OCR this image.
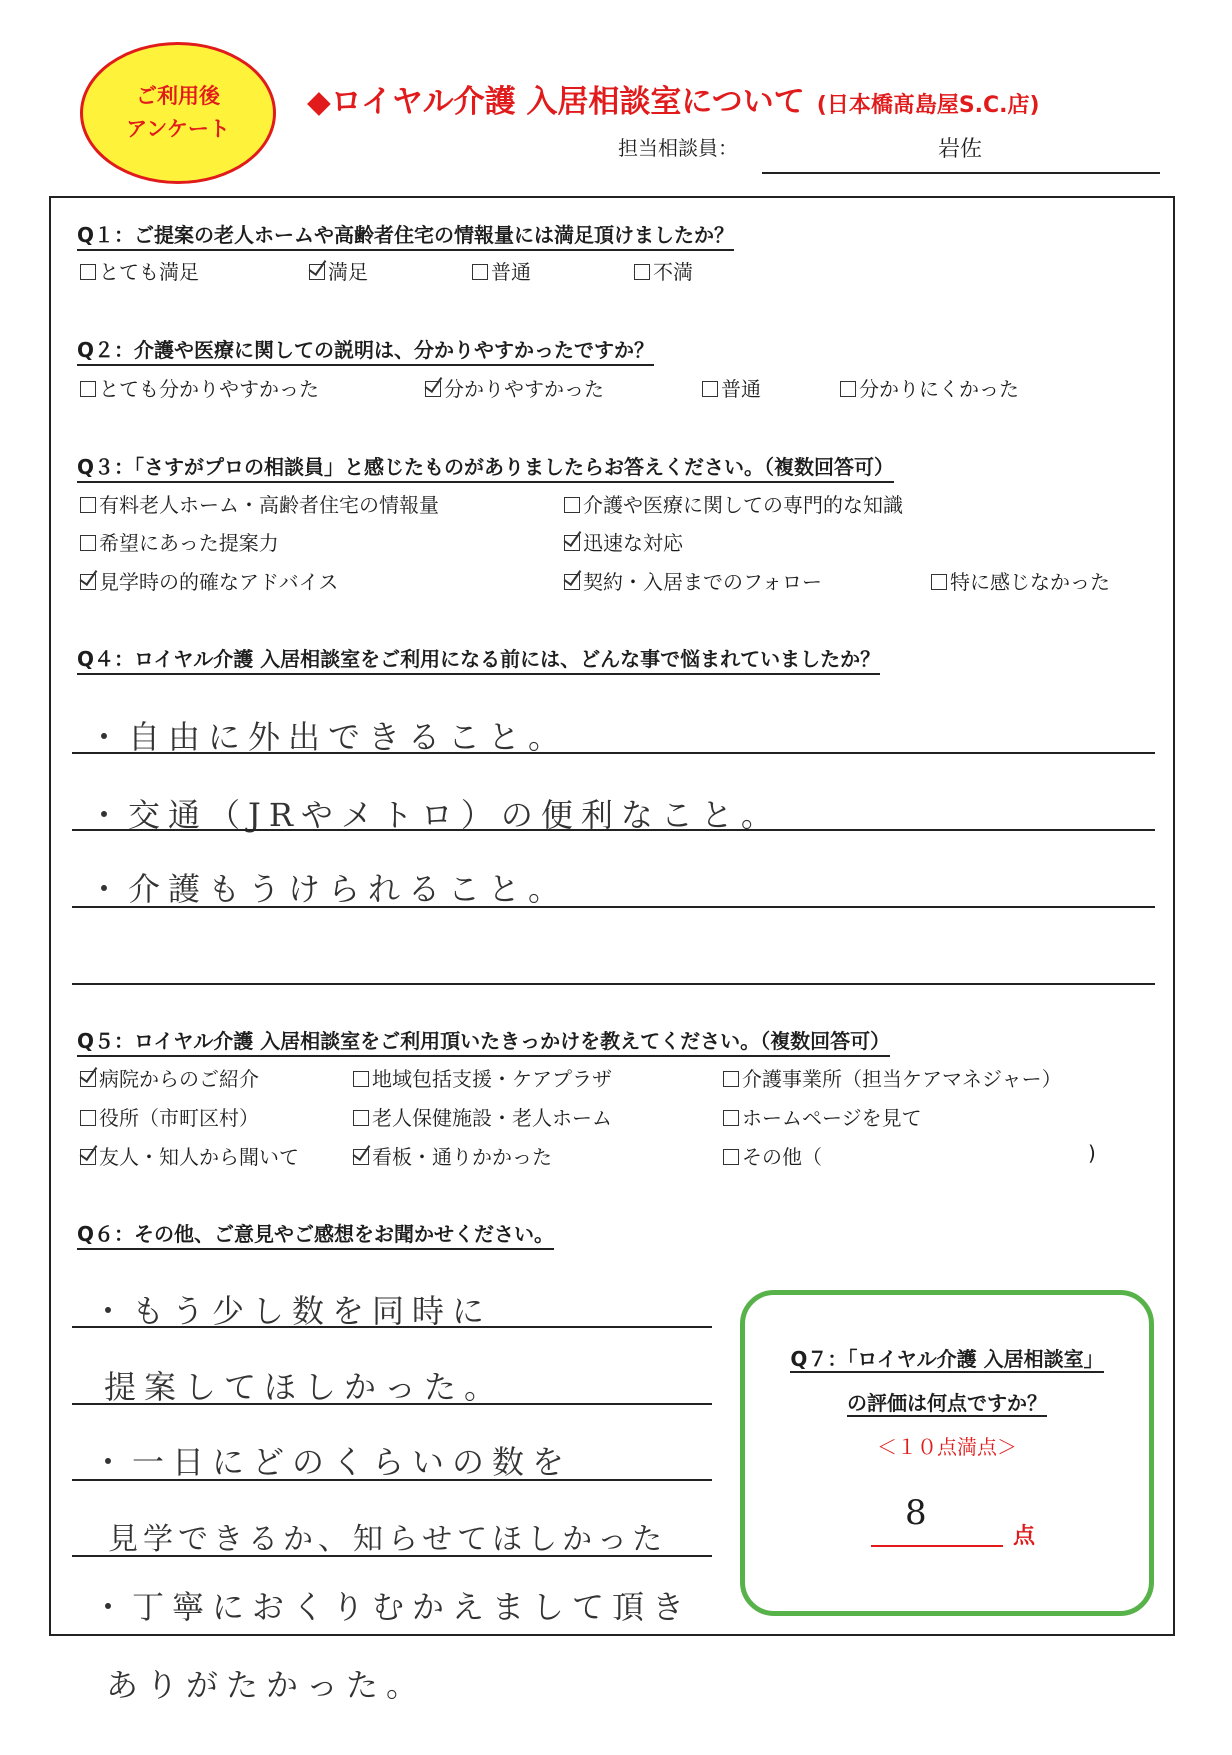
ご利用後
アンケート
◆ロイヤル介護 入居相談室について (日本橋髙島屋S.C.店)
担当相談員：	岩佐
Q１：ご提案の老人ホームや高齢者住宅の情報量には満足頂けましたか？
とても満足	満足	普通	不満
Q２：介護や医療に関しての説明は、分かりやすかったですか？
とても分かりやすかった	分かりやすかった	普通	分かりにくかった
Q３：「さすがプロの相談員」と感じたものがありましたらお答えください。（複数回答可）
有料老人ホーム・高齢者住宅の情報量	介護や医療に関しての専門的な知識
希望にあった提案力	迅速な対応
見学時の的確なアドバイス	契約・入居までのフォロー	特に感じなかった
Q４：ロイヤル介護 入居相談室をご利用になる前には、どんな事で悩まれていましたか？
・自由に外出できること。
・交通（JRやメトロ）の便利なこと。
・介護もうけられること。
Q５：ロイヤル介護 入居相談室をご利用頂いたきっかけを教えてください。（複数回答可）
病院からのご紹介	地域包括支援・ケアプラザ	介護事業所（担当ケアマネジャー）
役所（市町区村）	老人保健施設・老人ホーム	ホームページを見て
友人・知人から聞いて	看板・通りかかった	その他（	)
Q６：その他、ご意見やご感想をお聞かせください。
・もう少し数を同時に
提案してほしかった。
・一日にどのくらいの数を
見学できるか、知らせてほしかった
・丁寧におくりむかえまして頂き
ありがたかった。
Q７：「ロイヤル介護 入居相談室」
の評価は何点ですか？
＜１０点満点＞
8
点
